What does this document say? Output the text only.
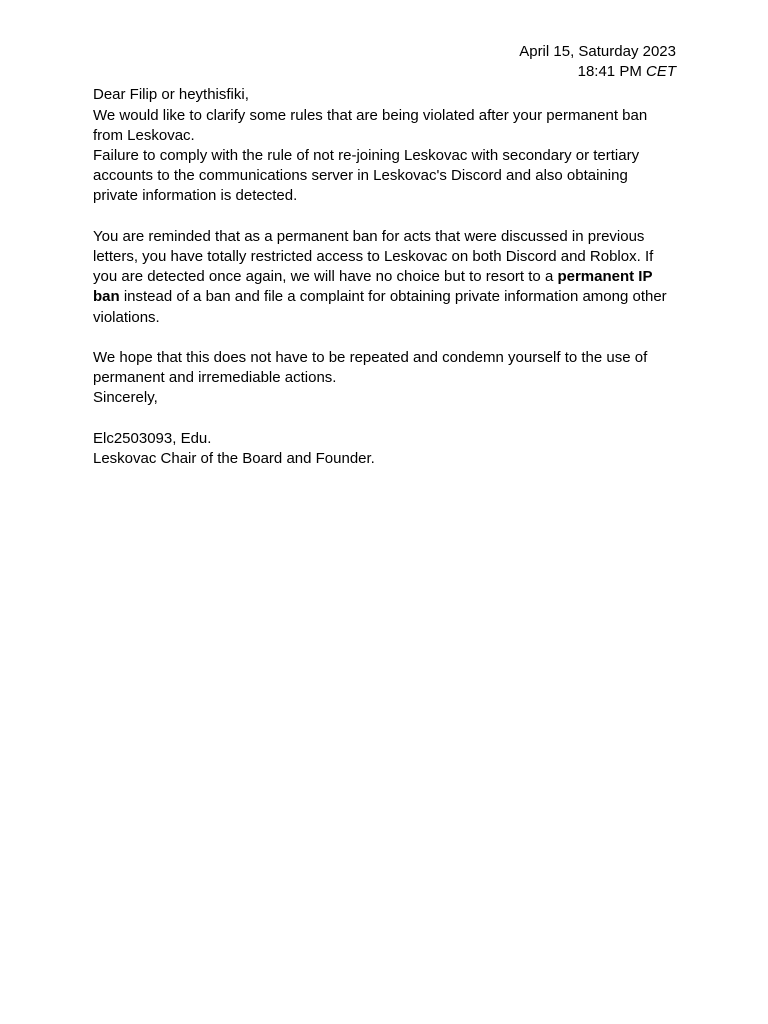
April 15, Saturday 2023
18:41 PM CET

Dear Filip or heythisfiki,

We would like to clarify some rules that are being violated after your permanent ban from Leskovac.

Failure to comply with the rule of not re-joining Leskovac with secondary or tertiary accounts to the communications server in Leskovac's Discord and also obtaining private information is detected.

You are reminded that as a permanent ban for acts that were discussed in previous letters, you have totally restricted access to Leskovac on both Discord and Roblox. If you are detected once again, we will have no choice but to resort to a permanent IP ban instead of a ban and file a complaint for obtaining private information among other violations.

We hope that this does not have to be repeated and condemn yourself to the use of permanent and irremediable actions.

Sincerely,

Elc2503093, Edu.

Leskovac Chair of the Board and Founder.
